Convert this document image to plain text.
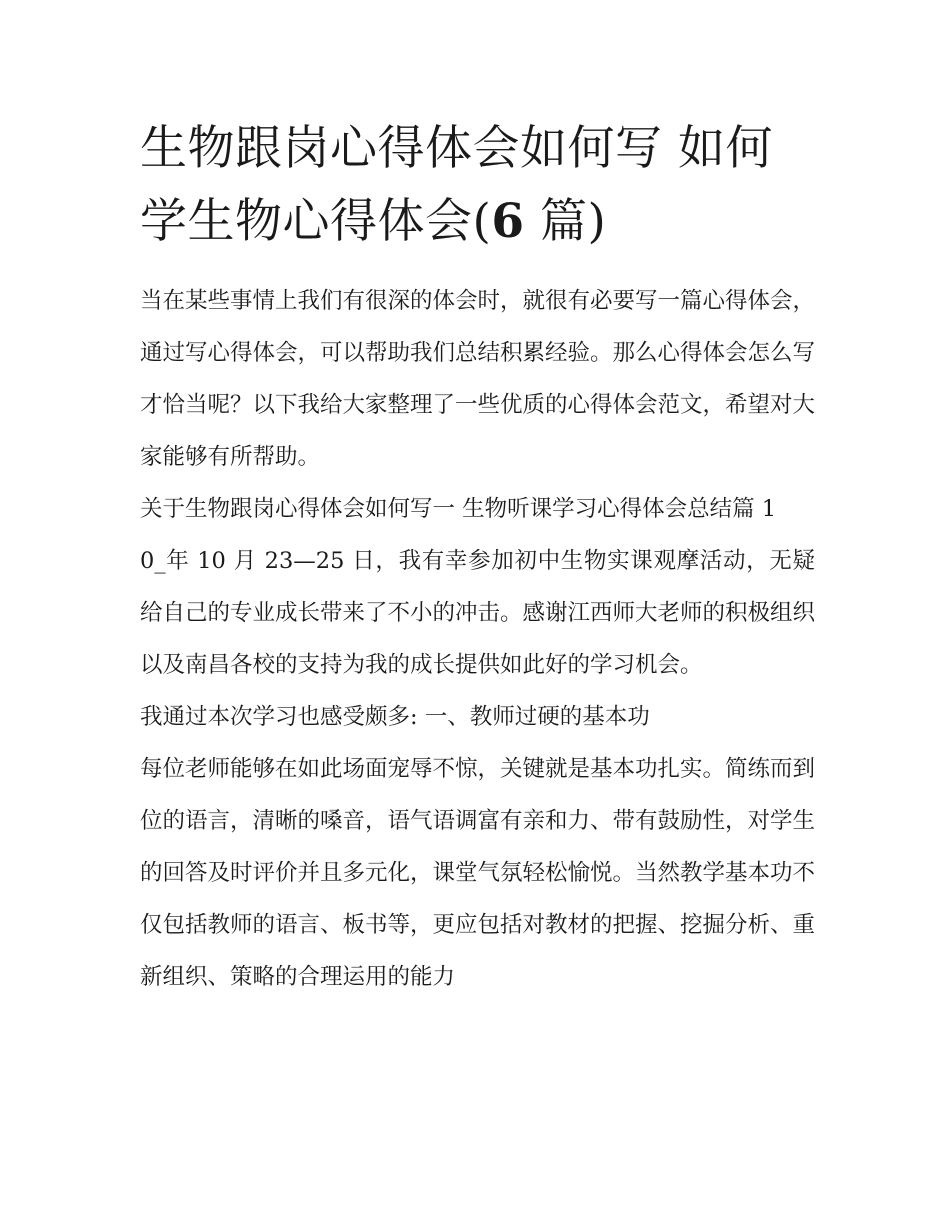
生物跟岗心得体会如何写 如何学生物心得体会(6 篇)

当在某些事情上我们有很深的体会时，就很有必要写一篇心得体会，通过写心得体会，可以帮助我们总结积累经验。那么心得体会怎么写才恰当呢？以下我给大家整理了一些优质的心得体会范文，希望对大家能够有所帮助。

关于生物跟岗心得体会如何写一 生物听课学习心得体会总结篇 1

0_年 10 月 23—25 日，我有幸参加初中生物实课观摩活动，无疑给自己的专业成长带来了不小的冲击。感谢江西师大老师的积极组织以及南昌各校的支持为我的成长提供如此好的学习机会。

我通过本次学习也感受颇多: 一、教师过硬的基本功

每位老师能够在如此场面宠辱不惊，关键就是基本功扎实。简练而到位的语言，清晰的嗓音，语气语调富有亲和力、带有鼓励性，对学生的回答及时评价并且多元化，课堂气氛轻松愉悦。当然教学基本功不仅包括教师的语言、板书等，更应包括对教材的把握、挖掘分析、重新组织、策略的合理运用的能力
